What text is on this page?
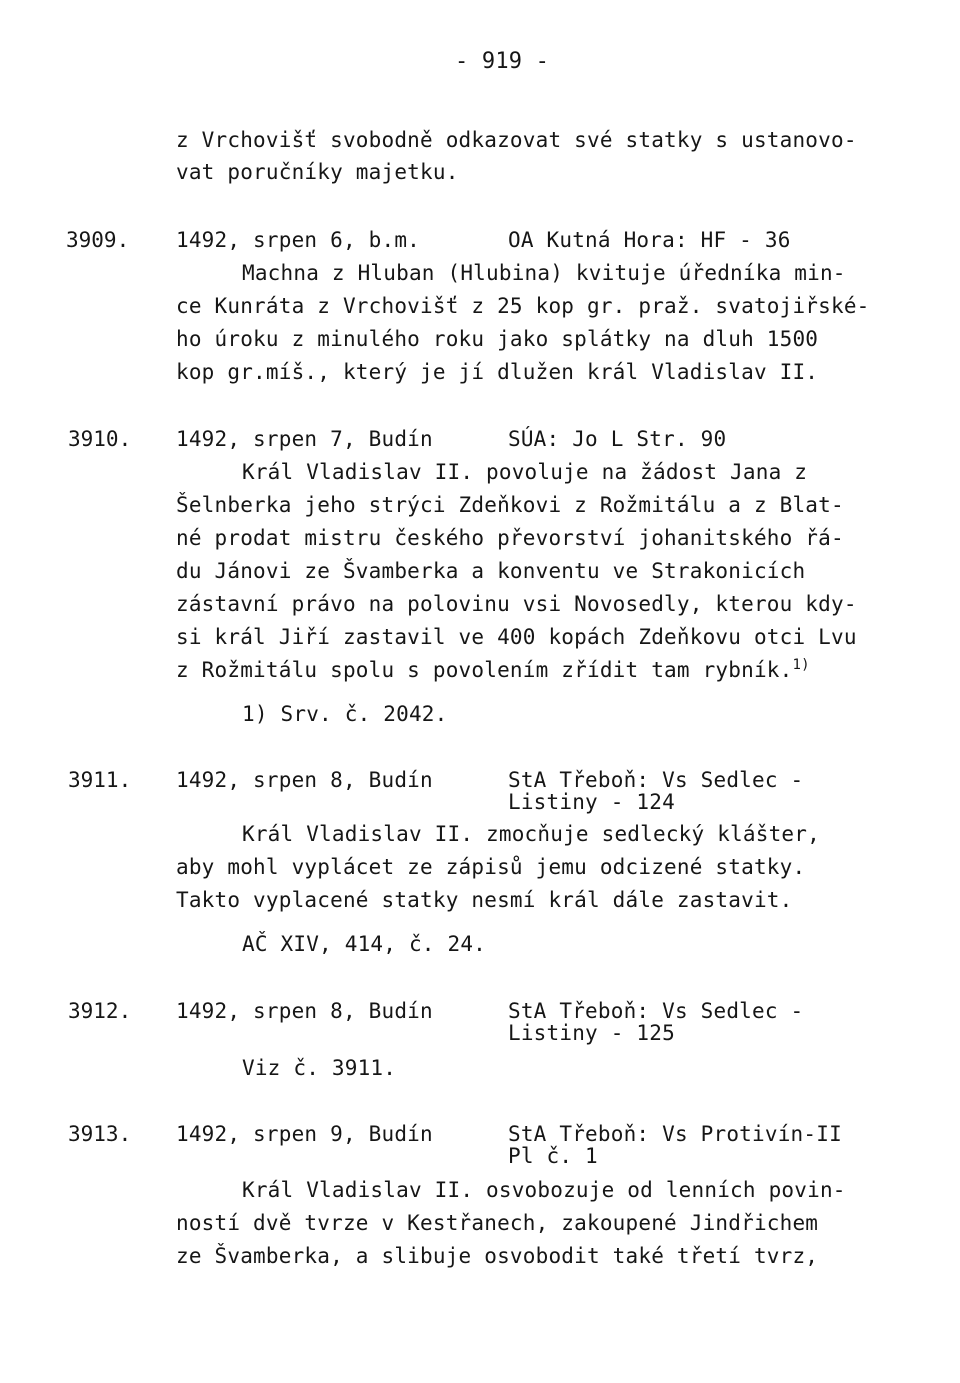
- 919 -
z Vrchovišť svobodně odkazovat své statky s ustanovo-
vat poručníky majetku.
3909. 1492, srpen 6, b.m.	OA Kutná Hora: HF - 36
Machna z Hluban (Hlubina) kvituje úředníka min-
ce Kunráta z Vrchovišť z 25 kop gr. praž. svatojiřské-
ho úroku z minulého roku jako splátky na dluh 1500
kop gr.míš., který je jí dlužen král Vladislav II.
3910. 1492, srpen 7, Budín	SÚA: Jo L Str. 90
Král Vladislav II. povoluje na žádost Jana z
Šelnberka jeho strýci Zdeňkovi z Rožmitálu a z Blat-
né prodat mistru českého převorství johanitského řá-
du Jánovi ze Švamberka a konventu ve Strakonicích
zástavní právo na polovinu vsi Novosedly, kterou kdy-
si král Jiří zastavil ve 400 kopách Zdeňkovu otci Lvu
z Rožmitálu spolu s povolením zřídit tam rybník.$^{1)}$
1) Srv. č. 2042.
3911. 1492, srpen 8, Budín	StA Třeboň: Vs Sedlec -
Listiny - 124
Král Vladislav II. zmocňuje sedlecký klášter,
aby mohl vyplácet ze zápisů jemu odcizené statky.
Takto vyplacené statky nesmí král dále zastavit.
AČ XIV, 414, č. 24.
3912. 1492, srpen 8, Budín	StA Třeboň: Vs Sedlec -
Listiny - 125
Viz č. 3911.
3913. 1492, srpen 9, Budín	StA Třeboň: Vs Protivín-II
Pl č. 1
Král Vladislav II. osvobozuje od lenních povin-
ností dvě tvrze v Kestřanech, zakoupené Jindřichem
ze Švamberka, a slibuje osvobodit také třetí tvrz,
